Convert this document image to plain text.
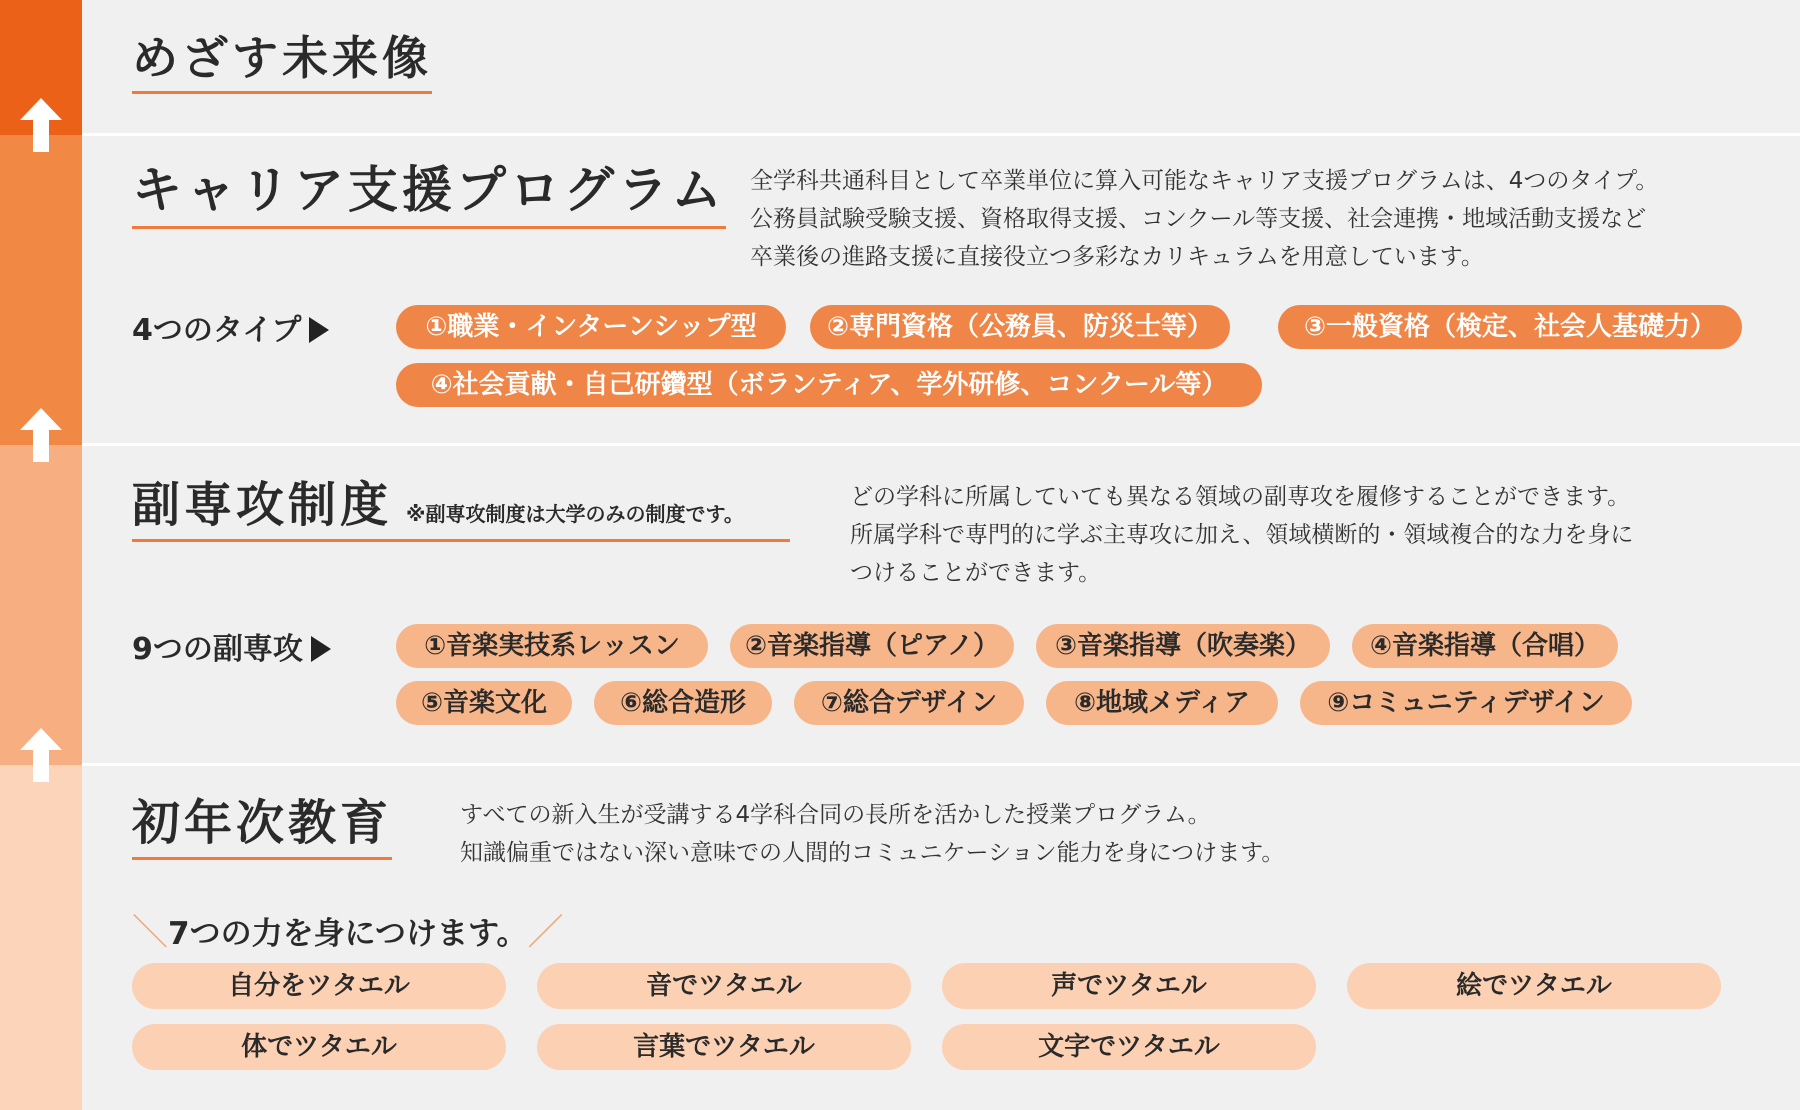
めざす未来像
キャリア支援プログラム 全学科共通科目として卒業単位に算入可能なキャリア支援プログラムは、4つのタイプ。
公務員試験受験支援、資格取得支援、コンクール等支援、社会連携・地域活動支援など
卒業後の進路支援に直接役立つ多彩なカリキュラムを用意しています。
4つのタイプ	①職業・インターンシップ型	②専門資格（公務員、防災士等）	③一般資格（検定、社会人基礎力）
④社会貢献・自己研鑽型（ボランティア、学外研修、コンクール等）
副専攻制度 ※副専攻制度は大学のみの制度です。
どの学科に所属していても異なる領域の副専攻を履修することができます。
所属学科で専門的に学ぶ主専攻に加え、領域横断的・領域複合的な力を身に
つけることができます。
9つの副専攻	①音楽実技系レッスン	②音楽指導（ピアノ）	③音楽指導（吹奏楽）	④音楽指導（合唱）
⑤音楽文化	⑥総合造形	⑦総合デザイン	⑧地域メディア	⑨コミュニティデザイン
初年次教育	すべての新入生が受講する4学科合同の長所を活かした授業プログラム。
知識偏重ではない深い意味での人間的コミュニケーション能力を身につけます。
＼7つの力を身につけます。／
自分をツタエル	音でツタエル	声でツタエル	絵でツタエル
体でツタエル	言葉でツタエル	文字でツタエル
